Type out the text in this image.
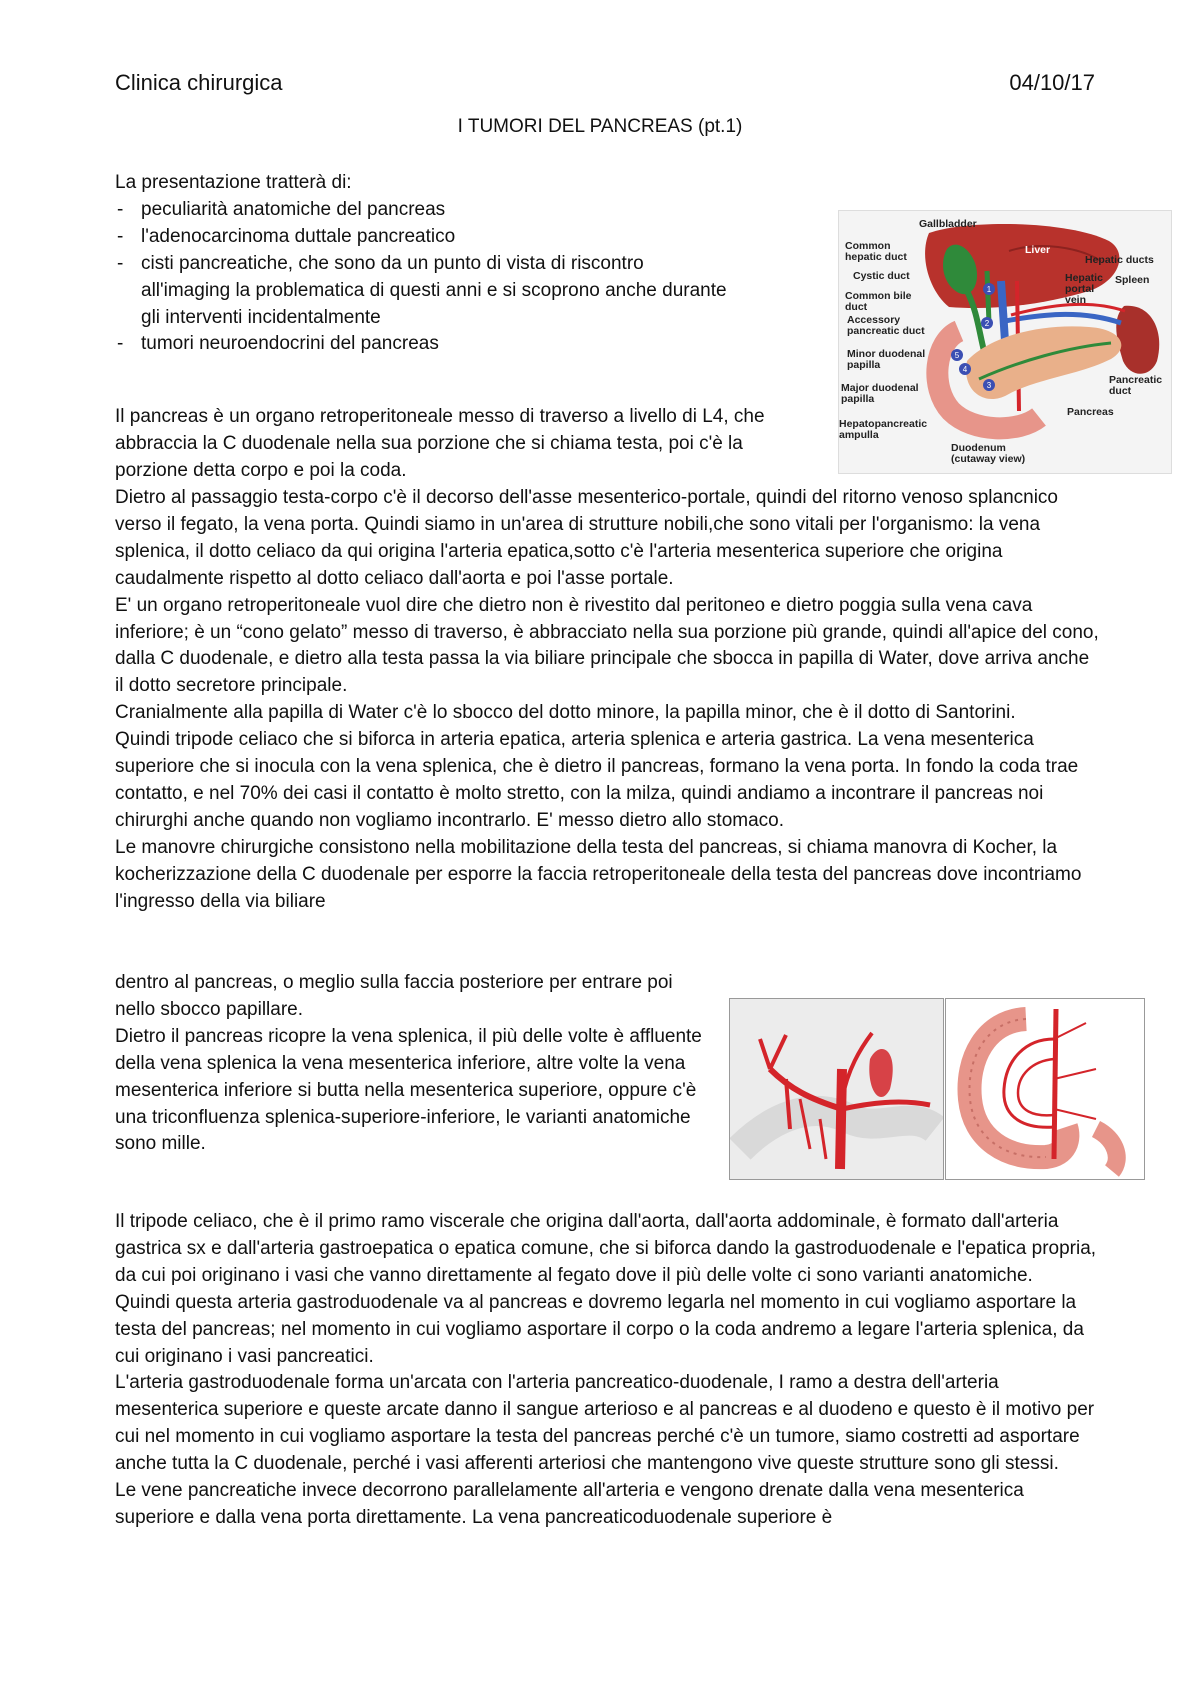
Clinica chirurgica	04/10/17
I TUMORI DEL PANCREAS (pt.1)

La presentazione tratterà di:

- peculiarità anatomiche del pancreas
- l'adenocarcinoma duttale pancreatico
- cisti pancreatiche, che sono da un punto di vista di riscontro all'imaging la problematica di questi anni e si scoprono anche durante gli interventi incidentalmente
- tumori neuroendocrini del pancreas
1
2
3
4
5
Gallbladder
Liver
Hepatic ducts
Common hepatic duct
Cystic duct
Common bile duct
Hepatic portal vein
Spleen
Accessory pancreatic duct
Minor duodenal papilla
Major duodenal papilla
Hepatopancreatic ampulla
Duodenum (cutaway view)
Pancreatic duct
Pancreas

Il pancreas è un organo retroperitoneale messo di traverso a livello di L4, che abbraccia la C duodenale nella sua porzione che si chiama testa, poi c'è la porzione detta corpo e poi la coda.

Dietro al passaggio testa-corpo c'è il decorso dell'asse mesenterico-portale, quindi del ritorno venoso splancnico verso il fegato, la vena porta. Quindi siamo in un'area di strutture nobili,che sono vitali per l'organismo: la vena splenica, il dotto celiaco da qui origina l'arteria epatica,sotto c'è l'arteria mesenterica superiore che origina caudalmente rispetto al dotto celiaco dall'aorta e poi l'asse portale.

E' un organo retroperitoneale vuol dire che dietro non è rivestito dal peritoneo e dietro poggia sulla vena cava inferiore; è un “cono gelato” messo di traverso, è abbracciato nella sua porzione più grande, quindi all'apice del cono, dalla C duodenale, e dietro alla testa passa la via biliare principale che sbocca in papilla di Water, dove arriva anche il dotto secretore principale.

Cranialmente alla papilla di Water c'è lo sbocco del dotto minore, la papilla minor, che è il dotto di Santorini.

Quindi tripode celiaco che si biforca in arteria epatica, arteria splenica e arteria gastrica. La vena mesenterica superiore che si inocula con la vena splenica, che è dietro il pancreas, formano la vena porta. In fondo la coda trae contatto, e nel 70% dei casi il contatto è molto stretto, con la milza, quindi andiamo a incontrare il pancreas noi chirurghi anche quando non vogliamo incontrarlo. E' messo dietro allo stomaco.

Le manovre chirurgiche consistono nella mobilitazione della testa del pancreas, si chiama manovra di Kocher, la kocherizzazione della C duodenale per esporre la faccia retroperitoneale della testa del pancreas dove incontriamo l'ingresso della via biliare

dentro al pancreas, o meglio sulla faccia posteriore per entrare poi nello sbocco papillare.

Dietro il pancreas ricopre la vena splenica, il più delle volte è affluente della vena splenica la vena mesenterica inferiore, altre volte la vena mesenterica inferiore si butta nella mesenterica superiore, oppure c'è una triconfluenza splenica-superiore-inferiore, le varianti anatomiche sono mille.

Il tripode celiaco, che è il primo ramo viscerale che origina dall'aorta, dall'aorta addominale, è formato dall'arteria gastrica sx e dall'arteria gastroepatica o epatica comune, che si biforca dando la gastroduodenale e l'epatica propria, da cui poi originano i vasi che vanno direttamente al fegato dove il più delle volte ci sono varianti anatomiche.

Quindi questa arteria gastroduodenale va al pancreas e dovremo legarla nel momento in cui vogliamo asportare la testa del pancreas; nel momento in cui vogliamo asportare il corpo o la coda andremo a legare l'arteria splenica, da cui originano i vasi pancreatici.

L'arteria gastroduodenale forma un'arcata con l'arteria pancreatico-duodenale, I ramo a destra dell'arteria mesenterica superiore e queste arcate danno il sangue arterioso e al pancreas e al duodeno e questo è il motivo per cui nel momento in cui vogliamo asportare la testa del pancreas perché c'è un tumore, siamo costretti ad asportare anche tutta la C duodenale, perché i vasi afferenti arteriosi che mantengono vive queste strutture sono gli stessi.

Le vene pancreatiche invece decorrono parallelamente all'arteria e vengono drenate dalla vena mesenterica superiore e dalla vena porta direttamente. La vena pancreaticoduodenale superiore è
